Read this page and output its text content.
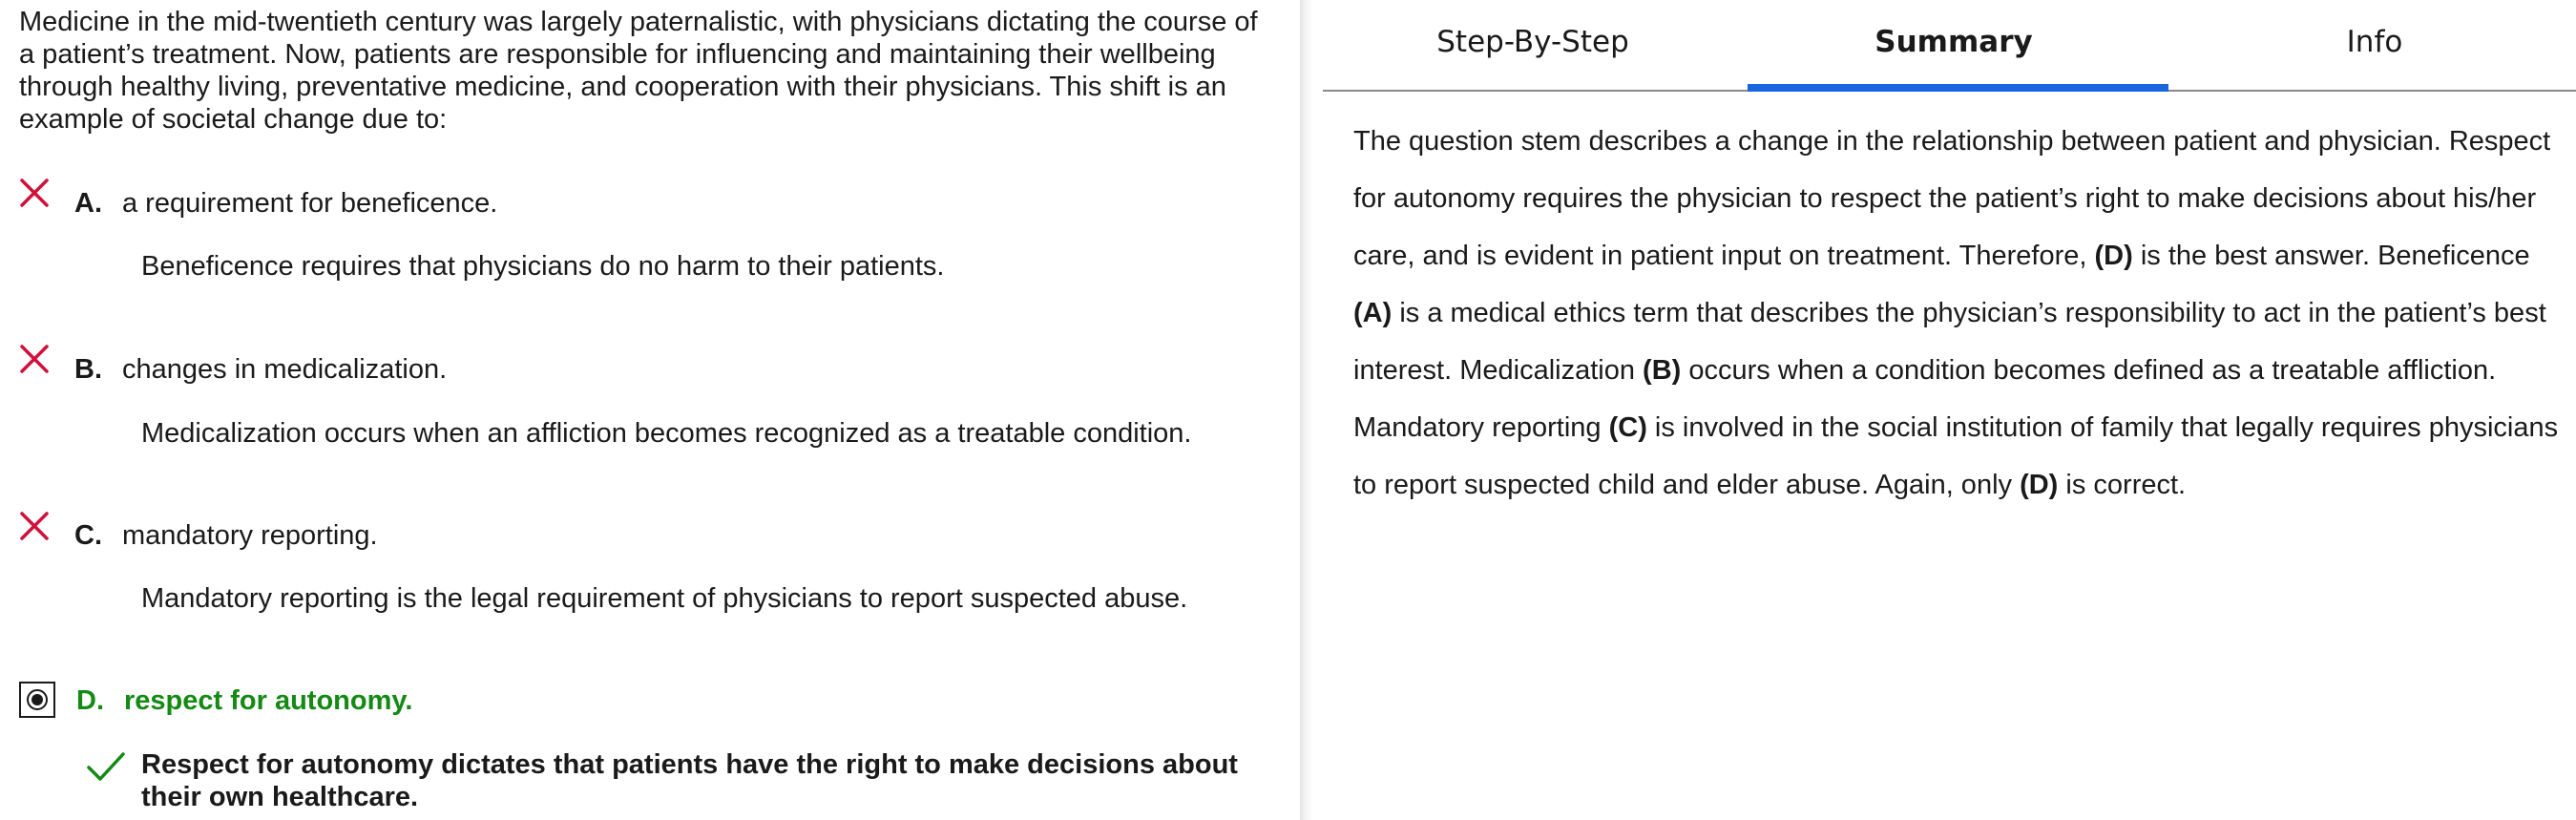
Medicine in the mid-twentieth century was largely paternalistic, with physicians dictating the course of a patient’s treatment. Now, patients are responsible for influencing and maintaining their wellbeing through healthy living, preventative medicine, and cooperation with their physicians. This shift is an example of societal change due to:

A. a requirement for beneficence.
Beneficence requires that physicians do no harm to their patients.
B. changes in medicalization.
Medicalization occurs when an affliction becomes recognized as a treatable condition.
C. mandatory reporting.
Mandatory reporting is the legal requirement of physicians to report suspected abuse.
D. respect for autonomy.
Respect for autonomy dictates that patients have the right to make decisions about their own healthcare.
Step-By-Step	Summary	Info

The question stem describes a change in the relationship between patient and physician. Respect for autonomy requires the physician to respect the patient’s right to make decisions about his/her care, and is evident in patient input on treatment. Therefore, (D) is the best answer. Beneficence (A) is a medical ethics term that describes the physician’s responsibility to act in the patient’s best interest. Medicalization (B) occurs when a condition becomes defined as a treatable affliction. Mandatory reporting (C) is involved in the social institution of family that legally requires physicians to report suspected child and elder abuse. Again, only (D) is correct.
